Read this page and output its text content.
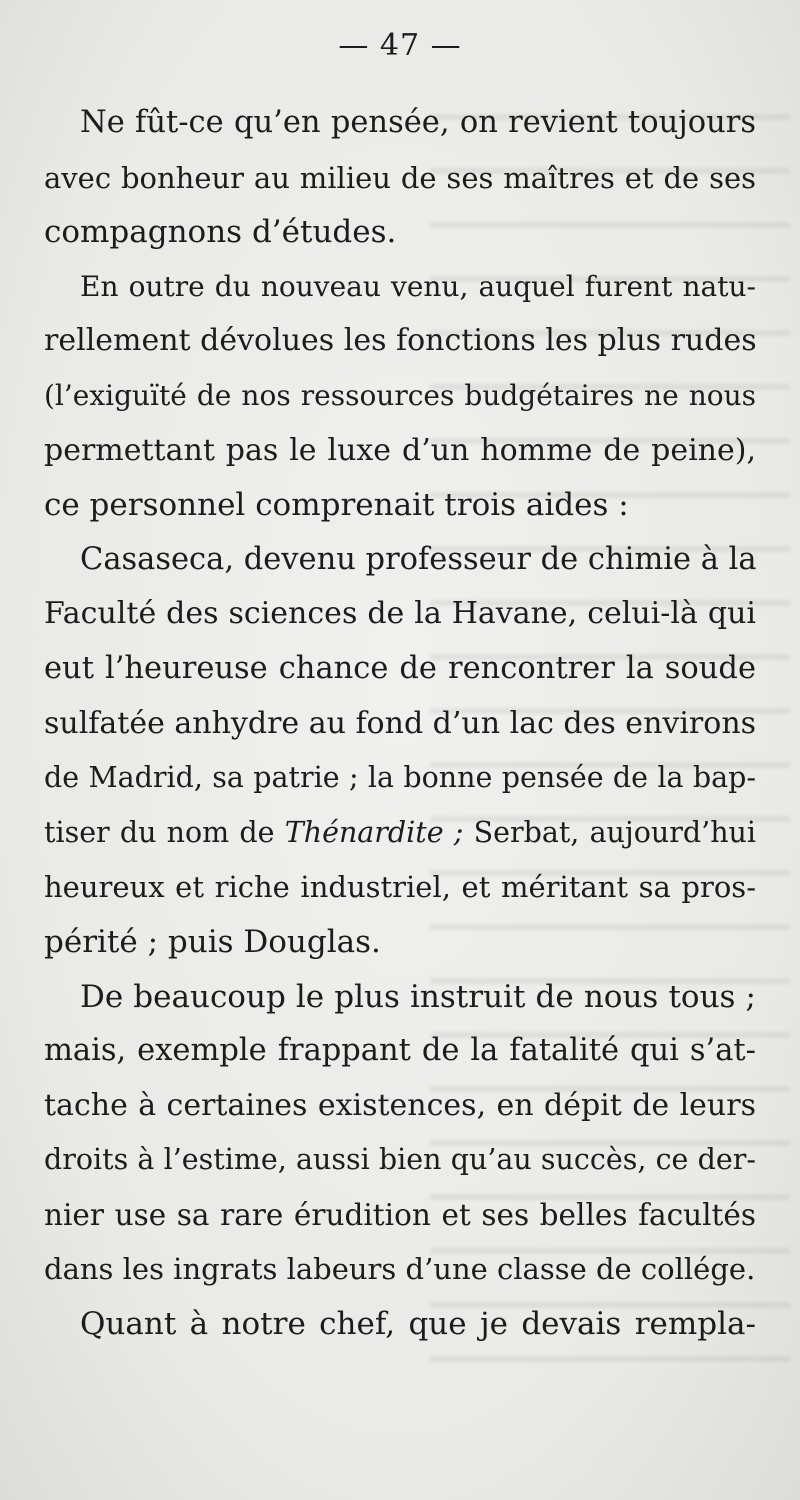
— 47 —
Ne fût-ce qu’en pensée, on revient toujours
avec bonheur au milieu de ses maîtres et de ses
compagnons d’études.
En outre du nouveau venu, auquel furent natu-
rellement dévolues les fonctions les plus rudes
(l’exiguïté de nos ressources budgétaires ne nous
permettant pas le luxe d’un homme de peine),
ce personnel comprenait trois aides :
Casaseca, devenu professeur de chimie à la
Faculté des sciences de la Havane, celui-là qui
eut l’heureuse chance de rencontrer la soude
sulfatée anhydre au fond d’un lac des environs
de Madrid, sa patrie ; la bonne pensée de la bap-
tiser du nom de Thénardite ; Serbat, aujourd’hui
heureux et riche industriel, et méritant sa pros-
périté ; puis Douglas.
De beaucoup le plus instruit de nous tous ;
mais, exemple frappant de la fatalité qui s’at-
tache à certaines existences, en dépit de leurs
droits à l’estime, aussi bien qu’au succès, ce der-
nier use sa rare érudition et ses belles facultés
dans les ingrats labeurs d’une classe de collége.
Quant à notre chef, que je devais rempla-
